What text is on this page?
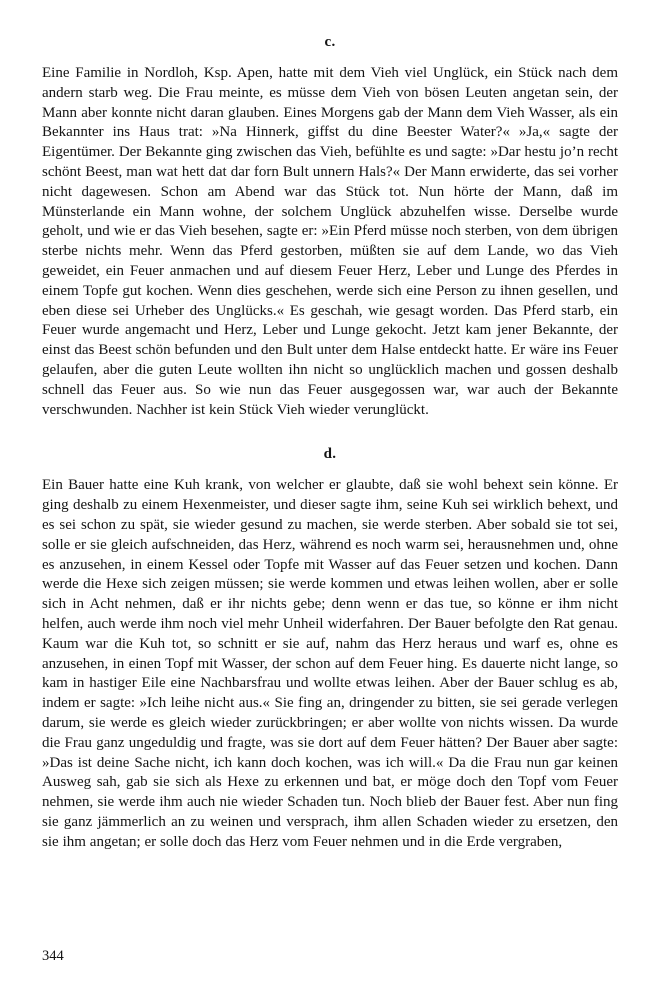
c.

Eine Familie in Nordloh, Ksp. Apen, hatte mit dem Vieh viel Unglück, ein Stück nach dem andern starb weg. Die Frau meinte, es müsse dem Vieh von bösen Leuten angetan sein, der Mann aber konnte nicht daran glauben. Eines Morgens gab der Mann dem Vieh Wasser, als ein Bekannter ins Haus trat: »Na Hinnerk, giffst du dine Beester Water?« »Ja,« sagte der Eigentümer. Der Bekannte ging zwischen das Vieh, befühlte es und sagte: »Dar hestu jo’n recht schönt Beest, man wat hett dat dar forn Bult unnern Hals?« Der Mann erwiderte, das sei vorher nicht dagewesen. Schon am Abend war das Stück tot. Nun hörte der Mann, daß im Münsterlande ein Mann wohne, der solchem Unglück abzuhelfen wisse. Derselbe wurde geholt, und wie er das Vieh besehen, sagte er: »Ein Pferd müsse noch sterben, von dem übrigen sterbe nichts mehr. Wenn das Pferd gestorben, müßten sie auf dem Lande, wo das Vieh geweidet, ein Feuer anmachen und auf diesem Feuer Herz, Leber und Lunge des Pferdes in einem Topfe gut kochen. Wenn dies geschehen, werde sich eine Person zu ihnen gesellen, und eben diese sei Urheber des Unglücks.« Es geschah, wie gesagt worden. Das Pferd starb, ein Feuer wurde angemacht und Herz, Leber und Lunge gekocht. Jetzt kam jener Bekannte, der einst das Beest schön befunden und den Bult unter dem Halse entdeckt hatte. Er wäre ins Feuer gelaufen, aber die guten Leute wollten ihn nicht so unglücklich machen und gossen deshalb schnell das Feuer aus. So wie nun das Feuer ausgegossen war, war auch der Bekannte verschwunden. Nachher ist kein Stück Vieh wieder verunglückt.

d.

Ein Bauer hatte eine Kuh krank, von welcher er glaubte, daß sie wohl behext sein könne. Er ging deshalb zu einem Hexenmeister, und dieser sagte ihm, seine Kuh sei wirklich behext, und es sei schon zu spät, sie wieder gesund zu machen, sie werde sterben. Aber sobald sie tot sei, solle er sie gleich aufschneiden, das Herz, während es noch warm sei, herausnehmen und, ohne es anzusehen, in einem Kessel oder Topfe mit Wasser auf das Feuer setzen und kochen. Dann werde die Hexe sich zeigen müssen; sie werde kommen und etwas leihen wollen, aber er solle sich in Acht nehmen, daß er ihr nichts gebe; denn wenn er das tue, so könne er ihm nicht helfen, auch werde ihm noch viel mehr Unheil widerfahren. Der Bauer befolgte den Rat genau. Kaum war die Kuh tot, so schnitt er sie auf, nahm das Herz heraus und warf es, ohne es anzusehen, in einen Topf mit Wasser, der schon auf dem Feuer hing. Es dauerte nicht lange, so kam in hastiger Eile eine Nachbarsfrau und wollte etwas leihen. Aber der Bauer schlug es ab, indem er sagte: »Ich leihe nicht aus.« Sie fing an, dringender zu bitten, sie sei gerade verlegen darum, sie werde es gleich wieder zurückbringen; er aber wollte von nichts wissen. Da wurde die Frau ganz ungeduldig und fragte, was sie dort auf dem Feuer hätten? Der Bauer aber sagte: »Das ist deine Sache nicht, ich kann doch kochen, was ich will.« Da die Frau nun gar keinen Ausweg sah, gab sie sich als Hexe zu erkennen und bat, er möge doch den Topf vom Feuer nehmen, sie werde ihm auch nie wieder Schaden tun. Noch blieb der Bauer fest. Aber nun fing sie ganz jämmerlich an zu weinen und versprach, ihm allen Schaden wieder zu ersetzen, den sie ihm angetan; er solle doch das Herz vom Feuer nehmen und in die Erde vergraben,

344
